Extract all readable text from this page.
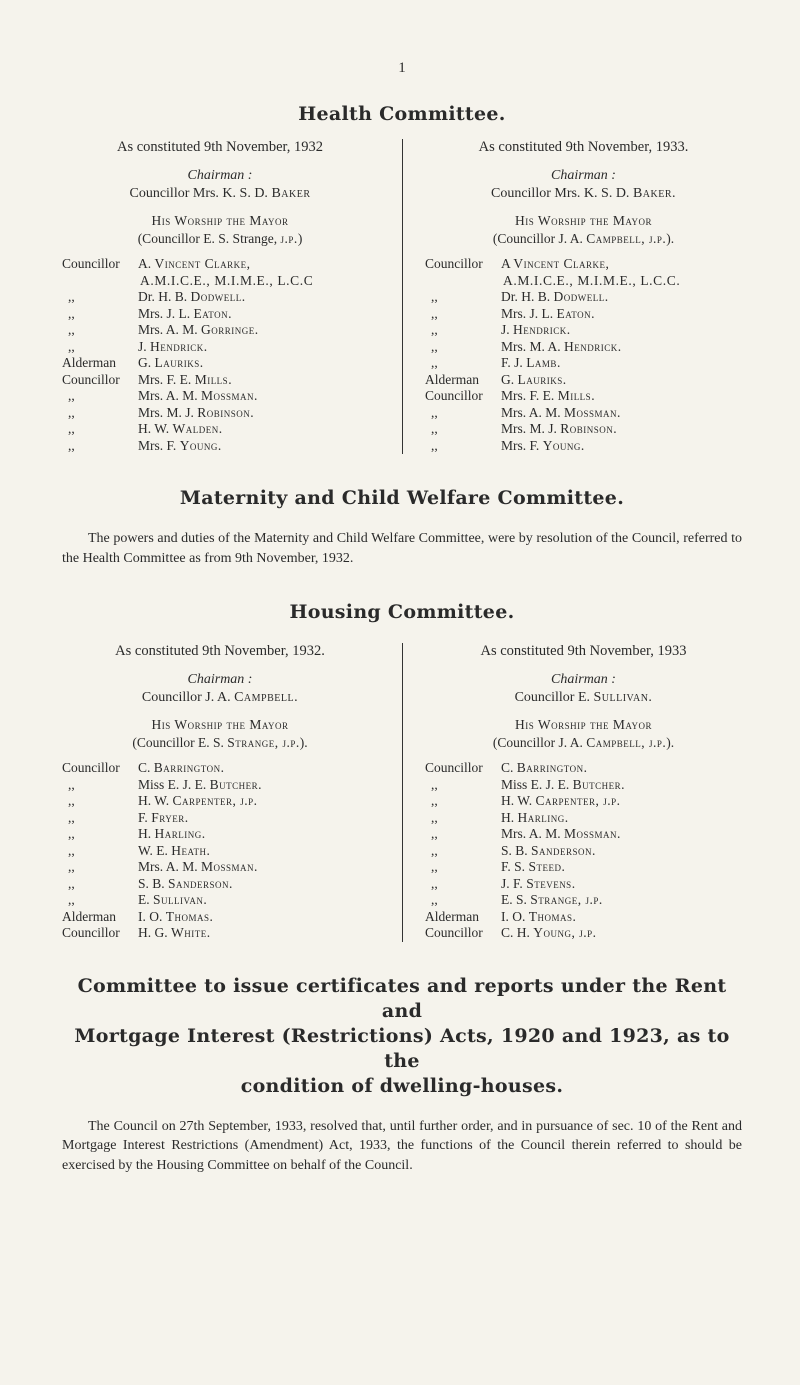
1
Health Committee.
As constituted 9th November, 1932
Chairman :
Councillor Mrs. K. S. D. Baker
His Worship the Mayor
(Councillor E. S. Strange, j.p.)
Councillor	A. Vincent Clarke,
A.M.I.C.E., M.I.M.E., L.C.C
,,	Dr. H. B. Dodwell.
,,	Mrs. J. L. Eaton.
,,	Mrs. A. M. Gorringe.
,,	J. Hendrick.
Alderman	G. Lauriks.
Councillor	Mrs. F. E. Mills.
,,	Mrs. A. M. Mossman.
,,	Mrs. M. J. Robinson.
,,	H. W. Walden.
,,	Mrs. F. Young.
As constituted 9th November, 1933.
Chairman :
Councillor Mrs. K. S. D. Baker.
His Worship the Mayor
(Councillor J. A. Campbell, j.p.).
Councillor	A Vincent Clarke,
A.M.I.C.E., M.I.M.E., L.C.C.
,,	Dr. H. B. Dodwell.
,,	Mrs. J. L. Eaton.
,,	J. Hendrick.
,,	Mrs. M. A. Hendrick.
,,	F. J. Lamb.
Alderman	G. Lauriks.
Councillor	Mrs. F. E. Mills.
,,	Mrs. A. M. Mossman.
,,	Mrs. M. J. Robinson.
,,	Mrs. F. Young.
Maternity and Child Welfare Committee.

The powers and duties of the Maternity and Child Welfare Committee, were by resolution of the Council, referred to the Health Committee as from 9th November, 1932.

Housing Committee.
As constituted 9th November, 1932.
Chairman :
Councillor J. A. Campbell.
His Worship the Mayor
(Councillor E. S. Strange, j.p.).
Councillor	C. Barrington.
,,	Miss E. J. E. Butcher.
,,	H. W. Carpenter, j.p.
,,	F. Fryer.
,,	H. Harling.
,,	W. E. Heath.
,,	Mrs. A. M. Mossman.
,,	S. B. Sanderson.
,,	E. Sullivan.
Alderman	I. O. Thomas.
Councillor	H. G. White.
As constituted 9th November, 1933
Chairman :
Councillor E. Sullivan.
His Worship the Mayor
(Councillor J. A. Campbell, j.p.).
Councillor	C. Barrington.
,,	Miss E. J. E. Butcher.
,,	H. W. Carpenter, j.p.
,,	H. Harling.
,,	Mrs. A. M. Mossman.
,,	S. B. Sanderson.
,,	F. S. Steed.
,,	J. F. Stevens.
,,	E. S. Strange, j.p.
Alderman	I. O. Thomas.
Councillor	C. H. Young, j.p.
Committee to issue certificates and reports under the Rent and
Mortgage Interest (Restrictions) Acts, 1920 and 1923, as to the
condition of dwelling-houses.

The Council on 27th September, 1933, resolved that, until further order, and in pursuance of sec. 10 of the Rent and Mortgage Interest Restrictions (Amendment) Act, 1933, the functions of the Council therein referred to should be exercised by the Housing Committee on behalf of the Council.
